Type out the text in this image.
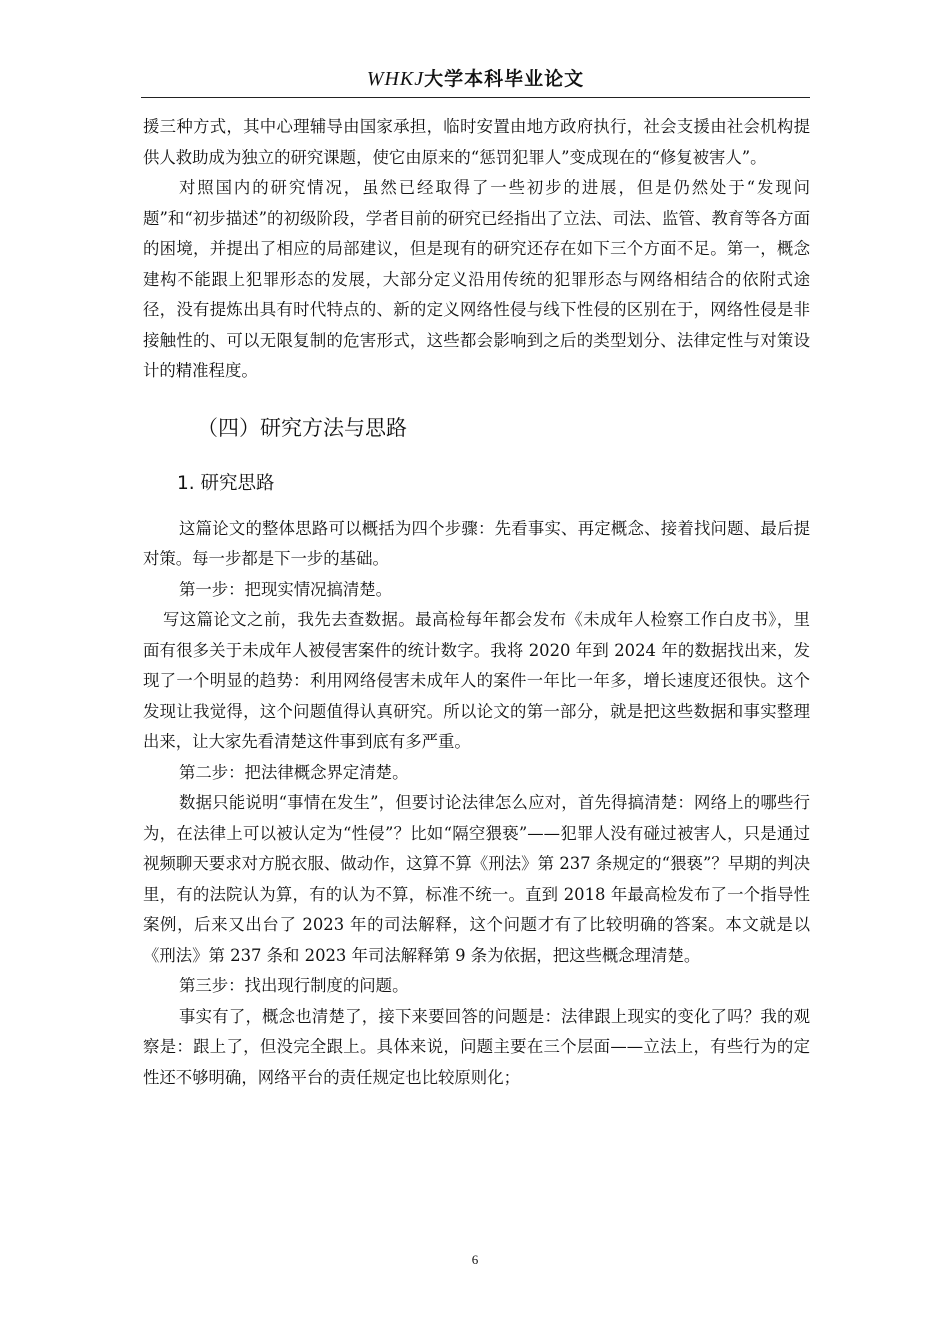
WHKJ大学本科毕业论文

援三种方式，其中心理辅导由国家承担，临时安置由地方政府执行，社会支援由社会机构提供人救助成为独立的研究课题，使它由原来的“惩罚犯罪人”变成现在的“修复被害人”。

对照国内的研究情况，虽然已经取得了一些初步的进展，但是仍然处于“发现问题”和“初步描述”的初级阶段，学者目前的研究已经指出了立法、司法、监管、教育等各方面的困境，并提出了相应的局部建议，但是现有的研究还存在如下三个方面不足。第一，概念建构不能跟上犯罪形态的发展，大部分定义沿用传统的犯罪形态与网络相结合的依附式途径，没有提炼出具有时代特点的、新的定义网络性侵与线下性侵的区别在于，网络性侵是非接触性的、可以无限复制的危害形式，这些都会影响到之后的类型划分、法律定性与对策设计的精准程度。

（四）研究方法与思路
1. 研究思路

这篇论文的整体思路可以概括为四个步骤：先看事实、再定概念、接着找问题、最后提对策。每一步都是下一步的基础。

第一步：把现实情况搞清楚。

写这篇论文之前，我先去查数据。最高检每年都会发布《未成年人检察工作白皮书》，里面有很多关于未成年人被侵害案件的统计数字。我将 2020 年到 2024 年的数据找出来，发现了一个明显的趋势：利用网络侵害未成年人的案件一年比一年多，增长速度还很快。这个发现让我觉得，这个问题值得认真研究。所以论文的第一部分，就是把这些数据和事实整理出来，让大家先看清楚这件事到底有多严重。

第二步：把法律概念界定清楚。

数据只能说明“事情在发生”，但要讨论法律怎么应对，首先得搞清楚：网络上的哪些行为，在法律上可以被认定为“性侵”？比如“隔空猥亵”——犯罪人没有碰过被害人，只是通过视频聊天要求对方脱衣服、做动作，这算不算《刑法》第 237 条规定的“猥亵”？早期的判决里，有的法院认为算，有的认为不算，标准不统一。直到 2018 年最高检发布了一个指导性案例，后来又出台了 2023 年的司法解释，这个问题才有了比较明确的答案。本文就是以《刑法》第 237 条和 2023 年司法解释第 9 条为依据，把这些概念理清楚。

第三步：找出现行制度的问题。

事实有了，概念也清楚了，接下来要回答的问题是：法律跟上现实的变化了吗？我的观察是：跟上了，但没完全跟上。具体来说，问题主要在三个层面——立法上，有些行为的定性还不够明确，网络平台的责任规定也比较原则化；

6
